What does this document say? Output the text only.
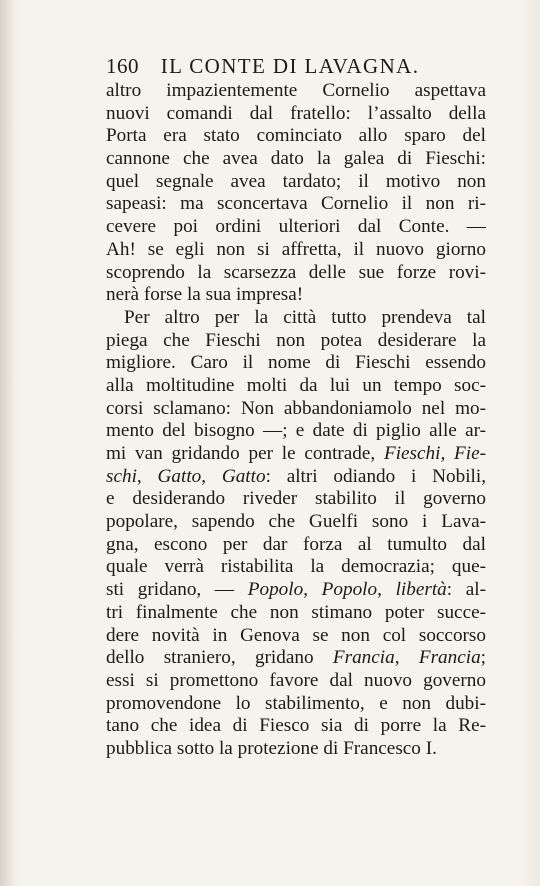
160 IL CONTE DI LAVAGNA.
altro impazientemente Cornelio aspettava
nuovi comandi dal fratello: l’assalto della
Porta era stato cominciato allo sparo del
cannone che avea dato la galea di Fieschi:
quel segnale avea tardato; il motivo non
sapeasi: ma sconcertava Cornelio il non ri-
cevere poi ordini ulteriori dal Conte. —
Ah! se egli non si affretta, il nuovo giorno
scoprendo la scarsezza delle sue forze rovi-
nerà forse la sua impresa!
Per altro per la città tutto prendeva tal
piega che Fieschi non potea desiderare la
migliore. Caro il nome di Fieschi essendo
alla moltitudine molti da lui un tempo soc-
corsi sclamano: Non abbandoniamolo nel mo-
mento del bisogno —; e date di piglio alle ar-
mi van gridando per le contrade, Fieschi, Fie-
schi, Gatto, Gatto: altri odiando i Nobili,
e desiderando riveder stabilito il governo
popolare, sapendo che Guelfi sono i Lava-
gna, escono per dar forza al tumulto dal
quale verrà ristabilita la democrazia; que-
sti gridano, — Popolo, Popolo, libertà: al-
tri finalmente che non stimano poter succe-
dere novità in Genova se non col soccorso
dello straniero, gridano Francia, Francia;
essi si promettono favore dal nuovo governo
promovendone lo stabilimento, e non dubi-
tano che idea di Fiesco sia di porre la Re-
pubblica sotto la protezione di Francesco I.
